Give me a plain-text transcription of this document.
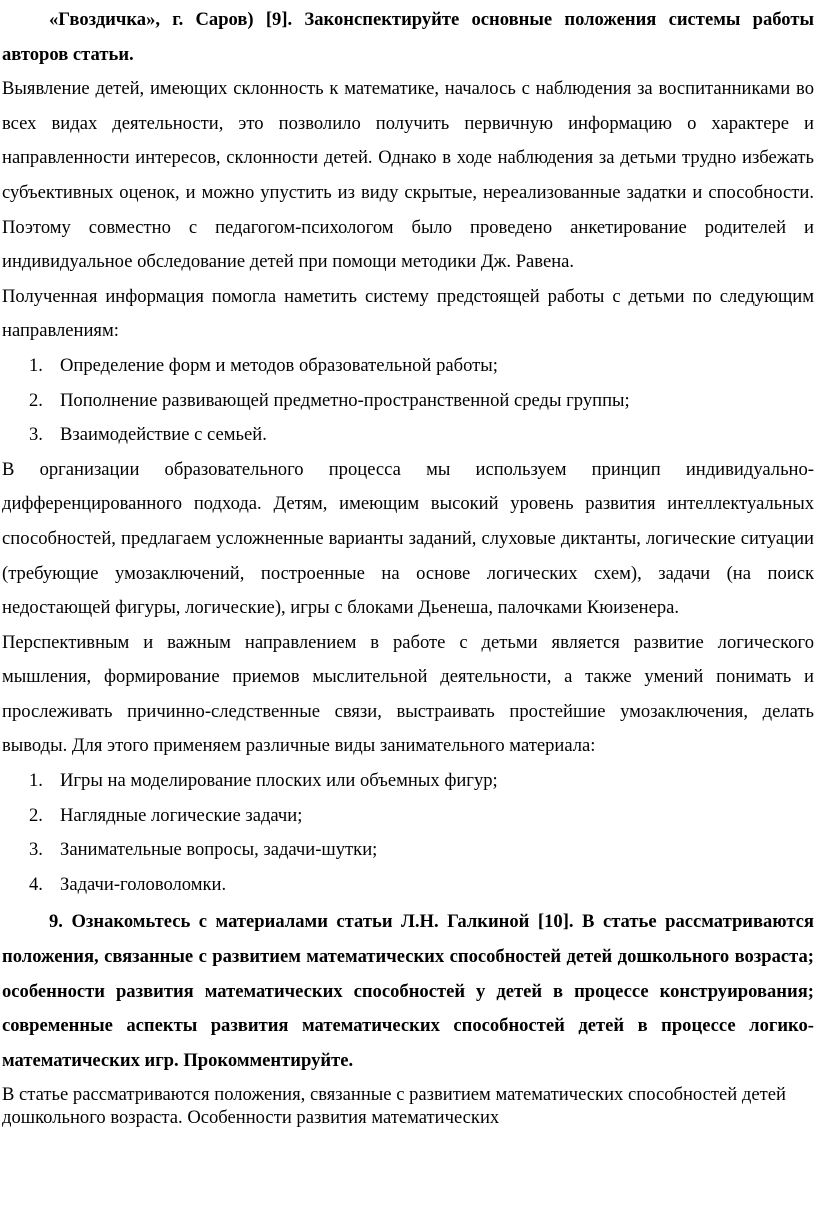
«Гвоздичка», г. Саров) [9]. Законспектируйте основные положения системы работы авторов статьи.

Выявление детей, имеющих склонность к математике, началось с наблюдения за воспитанниками во всех видах деятельности, это позволило получить первичную информацию о характере и направленности интересов, склонности детей. Однако в ходе наблюдения за детьми трудно избежать субъективных оценок, и можно упустить из виду скрытые, нереализованные задатки и способности. Поэтому совместно с педагогом-психологом было проведено анкетирование родителей и индивидуальное обследование детей при помощи методики Дж. Равена.

Полученная информация помогла наметить систему предстоящей работы с детьми по следующим направлениям:

1. Определение форм и методов образовательной работы;
2. Пополнение развивающей предметно-пространственной среды группы;
3. Взаимодействие с семьей.

В организации образовательного процесса мы используем принцип индивидуально-дифференцированного подхода. Детям, имеющим высокий уровень развития интеллектуальных способностей, предлагаем усложненные варианты заданий, слуховые диктанты, логические ситуации (требующие умозаключений, построенные на основе логических схем), задачи (на поиск недостающей фигуры, логические), игры с блоками Дьенеша, палочками Кюизенера.

Перспективным и важным направлением в работе с детьми является развитие логического мышления, формирование приемов мыслительной деятельности, а также умений понимать и прослеживать причинно-следственные связи, выстраивать простейшие умозаключения, делать выводы. Для этого применяем различные виды занимательного материала:

1. Игры на моделирование плоских или объемных фигур;
2. Наглядные логические задачи;
3. Занимательные вопросы, задачи-шутки;
4. Задачи-головоломки.

9. Ознакомьтесь с материалами статьи Л.Н. Галкиной [10]. В статье рассматриваются положения, связанные с развитием математических способностей детей дошкольного возраста; особенности развития математических способностей у детей в процессе конструирования; современные аспекты развития математических способностей детей в процессе логико-математических игр. Прокомментируйте.

В статье рассматриваются положения, связанные с развитием математических способностей детей дошкольного возраста. Особенности развития математических
